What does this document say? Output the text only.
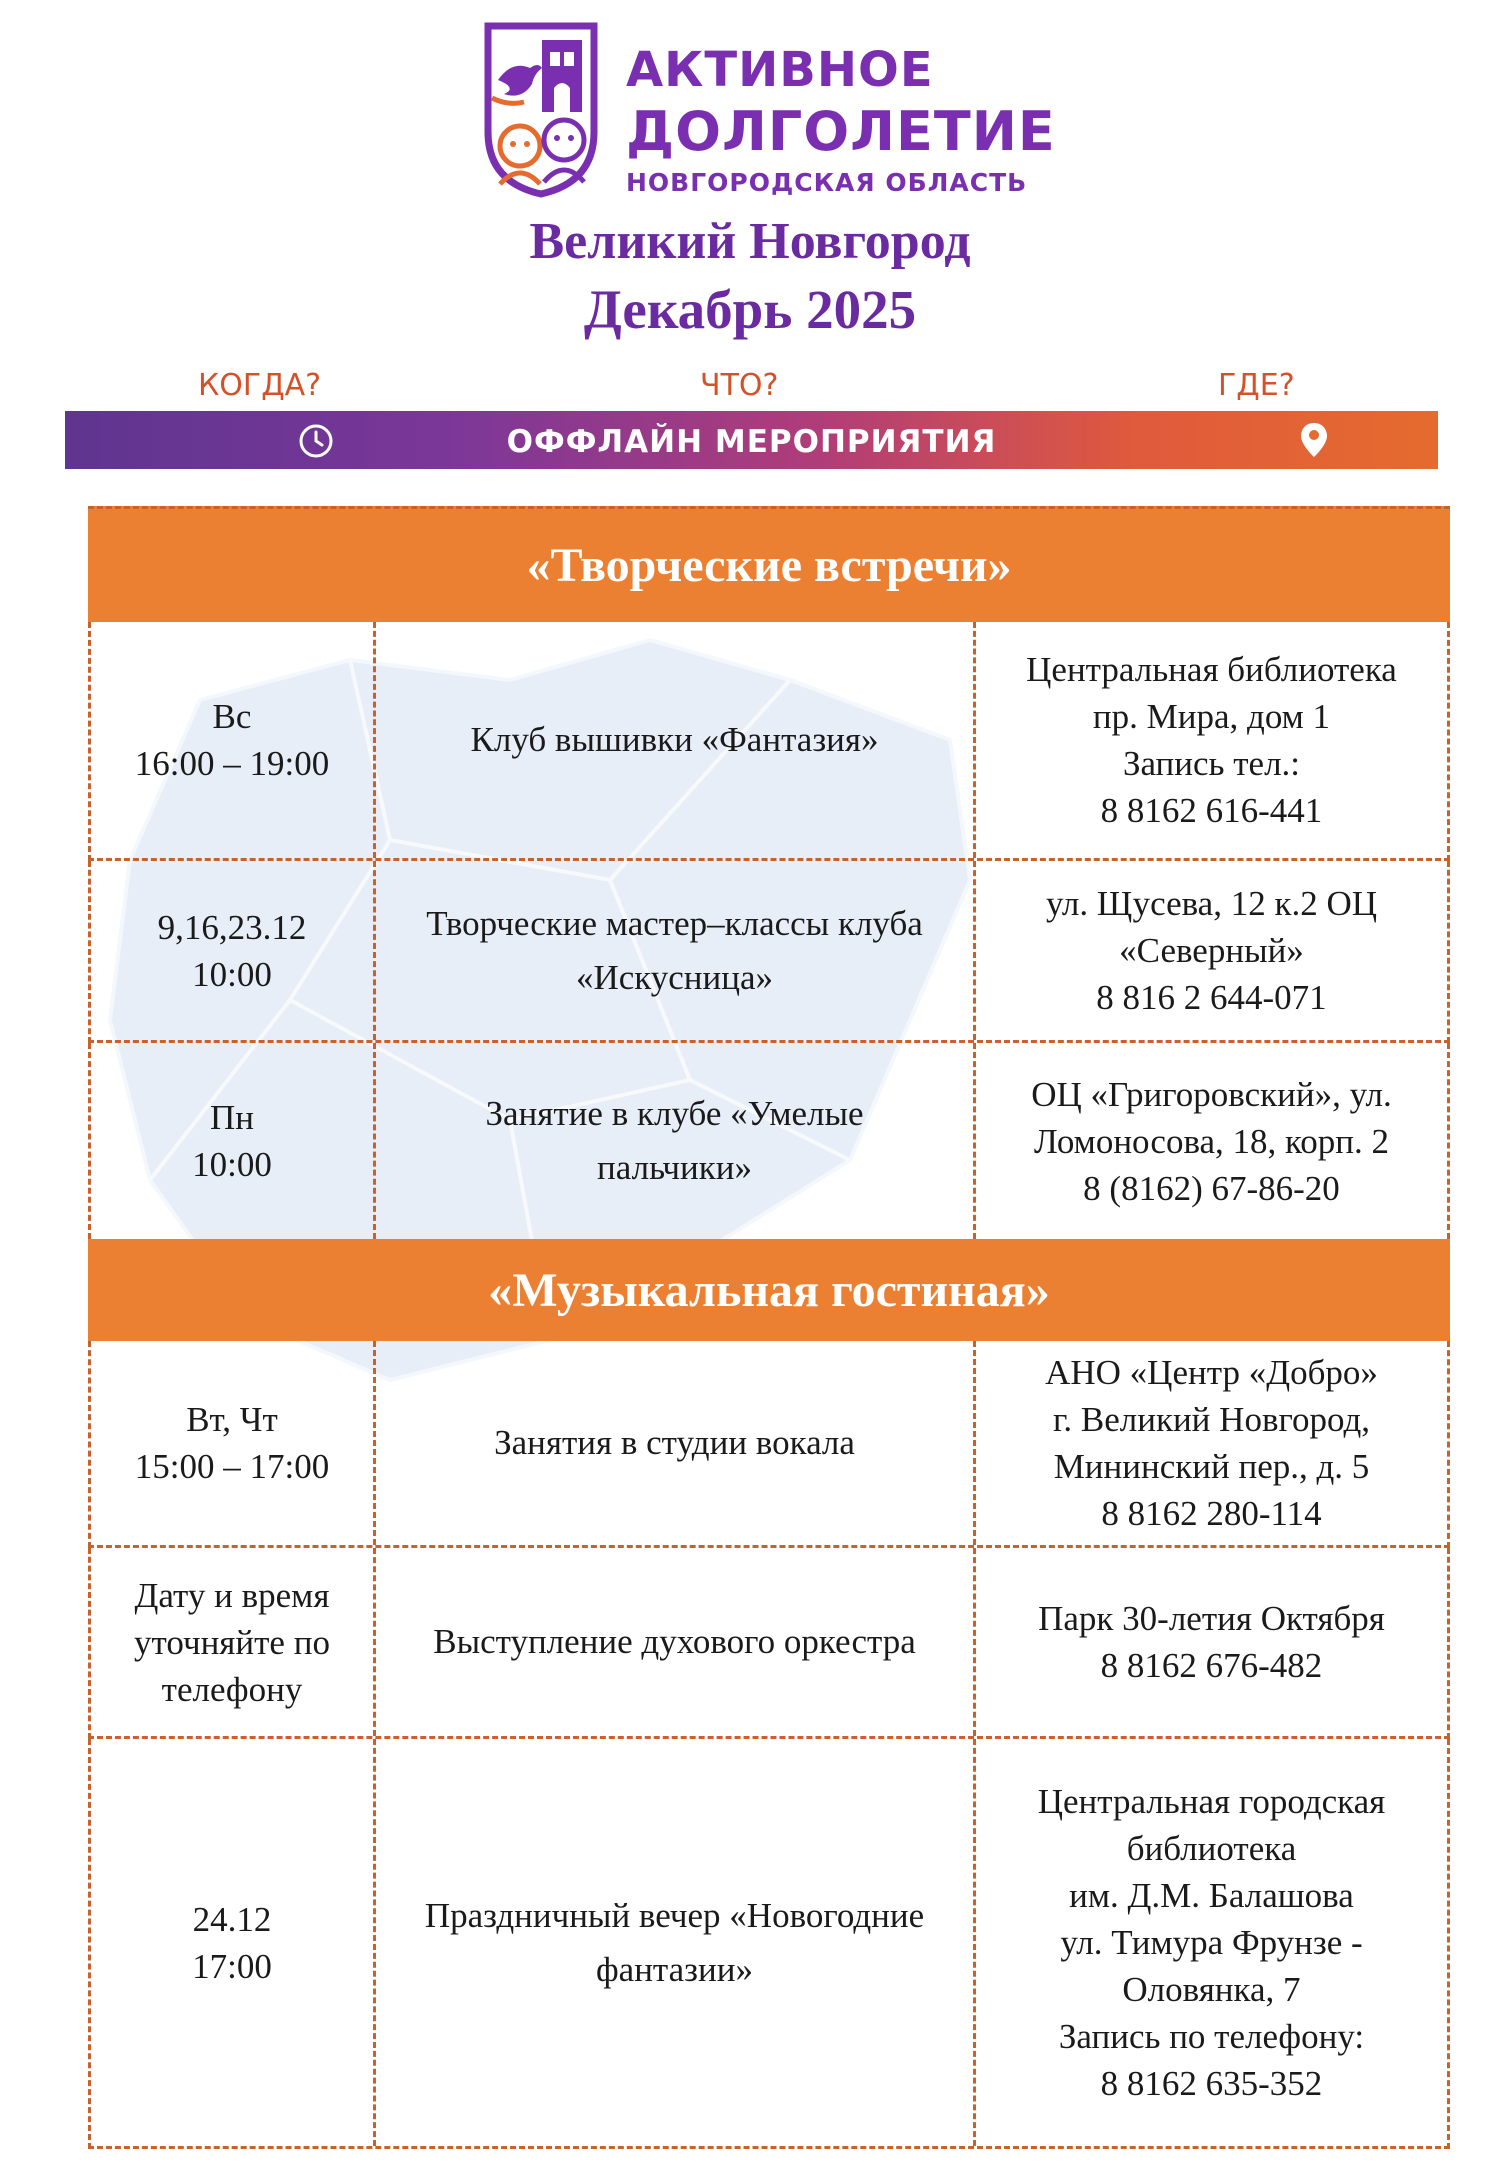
АКТИВНОЕ
ДОЛГОЛЕТИЕ
НОВГОРОДСКАЯ ОБЛАСТЬ
Великий Новгород
Декабрь 2025
КОГДА?	ЧТО?	ГДЕ?
ОФФЛАЙН МЕРОПРИЯТИЯ
«Творческие встречи»
Вс
16:00 – 19:00
Клуб вышивки «Фантазия»
Центральная библиотека
пр. Мира, дом 1
Запись тел.:
8 8162 616-441
9,16,23.12
10:00
Творческие мастер–классы клуба
«Искусница»
ул. Щусева, 12 к.2 ОЦ
«Северный»
8 816 2 644-071
Пн
10:00
Занятие в клубе «Умелые
пальчики»
ОЦ «Григоровский», ул.
Ломоносова, 18, корп. 2
8 (8162) 67-86-20
«Музыкальная гостиная»
Вт, Чт
15:00 – 17:00
Занятия в студии вокала
АНО «Центр «Добро»
г. Великий Новгород,
Мининский пер., д. 5
8 8162 280-114
Дату и время
уточняйте по
телефону
Выступление духового оркестра
Парк 30-летия Октября
8 8162 676-482
24.12
17:00
Праздничный вечер «Новогодние
фантазии»
Центральная городская
библиотека
им. Д.М. Балашова
ул. Тимура Фрунзе -
Оловянка, 7
Запись по телефону:
8 8162 635-352
